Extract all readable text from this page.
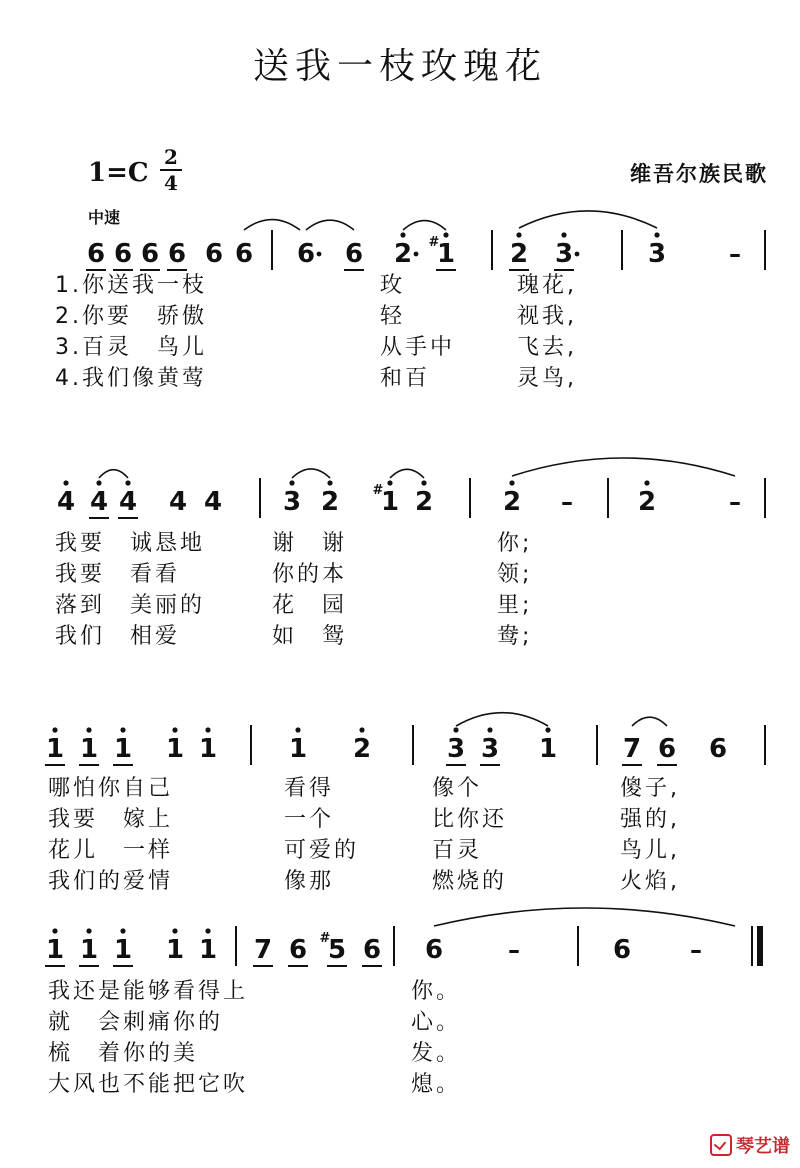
送我一枝玫瑰花
1=C
2
4	维吾尔族民歌
中速
6 6 6 6 6 6 6 6 2 1
#	2 3	3	–
1.你送我一枝	玫	瑰花,
2.你要　骄傲	轻	视我,
3.百灵　鸟儿	从手中	飞去,
4.我们像黄莺	和百	灵鸟,
4 4 4 4 4 3 2 1
# 2	2 – 2	–
我要　诚恳地	谢　谢	你;
我要　看看	你的本	领;
落到　美丽的	花　园	里;
我们　相爱	如　鸳	鸯;
1 1 1 1 1	1 2	3 3 1	7 6 6
哪怕你自己	看得	像个	傻子,
我要　嫁上	一个	比你还	强的,
花儿　一样	可爱的	百灵	鸟儿,
我们的爱情	像那	燃烧的	火焰,
1 1 1 1 1 7 6 5
# 6 6	–	6 –
我还是能够看得上	你。
就　会刺痛你的	心。
梳　着你的美	发。
大风也不能把它吹	熄。
琴艺谱
